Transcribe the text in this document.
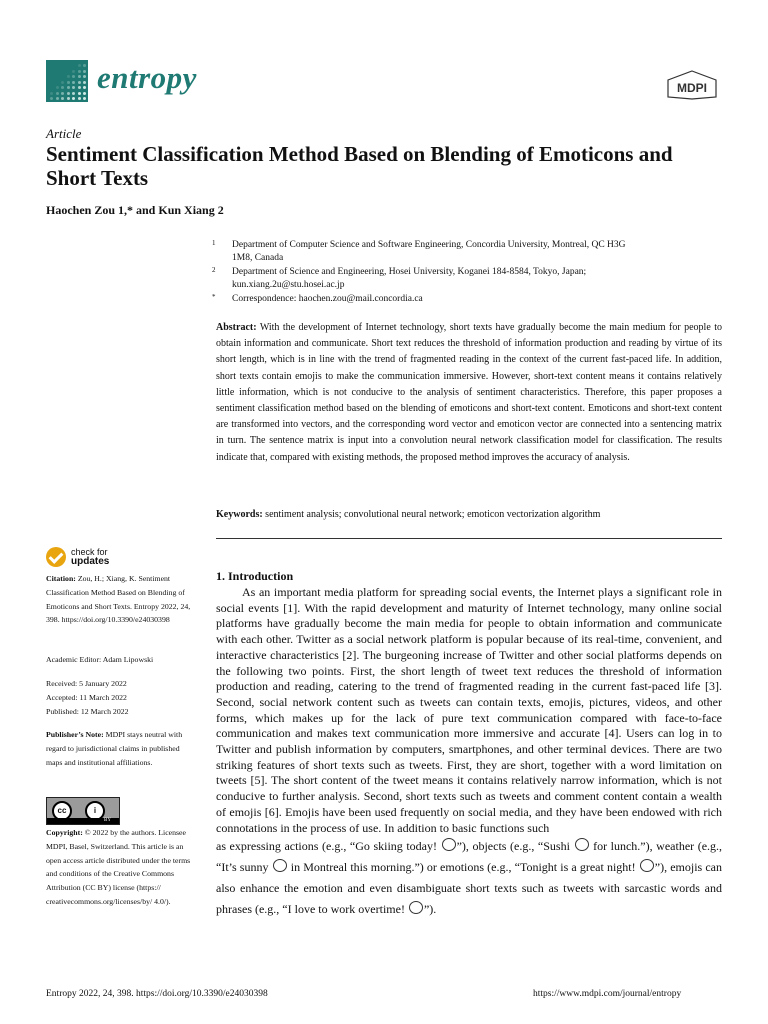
entropy	MDPI
Article
Sentiment Classification Method Based on Blending of Emoticons and Short Texts
Haochen Zou 1,* and Kun Xiang 2
1	Department of Computer Science and Software Engineering, Concordia University, Montreal, QC H3G 1M8, Canada
2	Department of Science and Engineering, Hosei University, Koganei 184-8584, Tokyo, Japan; kun.xiang.2u@stu.hosei.ac.jp
*	Correspondence: haochen.zou@mail.concordia.ca
Abstract: With the development of Internet technology, short texts have gradually become the main medium for people to obtain information and communicate. Short text reduces the threshold of information production and reading by virtue of its short length, which is in line with the trend of fragmented reading in the context of the current fast-paced life. In addition, short texts contain emojis to make the communication immersive. However, short-text content means it contains relatively little information, which is not conducive to the analysis of sentiment characteristics. Therefore, this paper proposes a sentiment classification method based on the blending of emoticons and short-text content. Emoticons and short-text content are transformed into vectors, and the corresponding word vector and emoticon vector are connected into a sentencing matrix in turn. The sentence matrix is input into a convolution neural network classification model for classification. The results indicate that, compared with existing methods, the proposed method improves the accuracy of analysis.
Keywords: sentiment analysis; convolutional neural network; emoticon vectorization algorithm
check for
updates
Citation: Zou, H.; Xiang, K. Sentiment Classification Method Based on Blending of Emoticons and Short Texts. Entropy 2022, 24, 398. https://doi.org/10.3390/e24030398
Academic Editor: Adam Lipowski
Received: 5 January 2022
Accepted: 11 March 2022
Published: 12 March 2022
Publisher’s Note: MDPI stays neutral with regard to jurisdictional claims in published maps and institutional affiliations.
cc	i
BY
Copyright: © 2022 by the authors. Licensee MDPI, Basel, Switzerland. This article is an open access article distributed under the terms and conditions of the Creative Commons Attribution (CC BY) license (https:// creativecommons.org/licenses/by/ 4.0/).
1. Introduction

As an important media platform for spreading social events, the Internet plays a significant role in social events [1]. With the rapid development and maturity of Internet technology, many online social platforms have gradually become the main media for people to obtain information and communicate with each other. Twitter as a social network platform is popular because of its real-time, convenient, and interactive characteristics [2]. The burgeoning increase of Twitter and other social platforms depends on the following two points. First, the short length of tweet text reduces the threshold of information production and reading, catering to the trend of fragmented reading in the current fast-paced life [3]. Second, social network content such as tweets can contain texts, emojis, pictures, videos, and other forms, which makes up for the lack of pure text communication compared with face-to-face communication and makes text communication more immersive and accurate [4]. Users can log in to Twitter and publish information by computers, smartphones, and other terminal devices. There are two striking features of short texts such as tweets. First, they are short, together with a word limitation on tweets [5]. The short content of the tweet means it contains relatively narrow information, which is not conducive to further analysis. Second, short texts such as tweets and comment content contain a wealth of emojis [6]. Emojis have been used frequently on social media, and they have been endowed with rich connotations in the process of use. In addition to basic functions such

as expressing actions (e.g., “Go skiing today! ”), objects (e.g., “Sushi for lunch.”), weather (e.g., “It’s sunny in Montreal this morning.”) or emotions (e.g., “Tonight is a great night! ”), emojis can also enhance the emotion and even disambiguate short texts such as tweets with sarcastic words and phrases (e.g., “I love to work overtime! ”).

Entropy 2022, 24, 398. https://doi.org/10.3390/e24030398	https://www.mdpi.com/journal/entropy
